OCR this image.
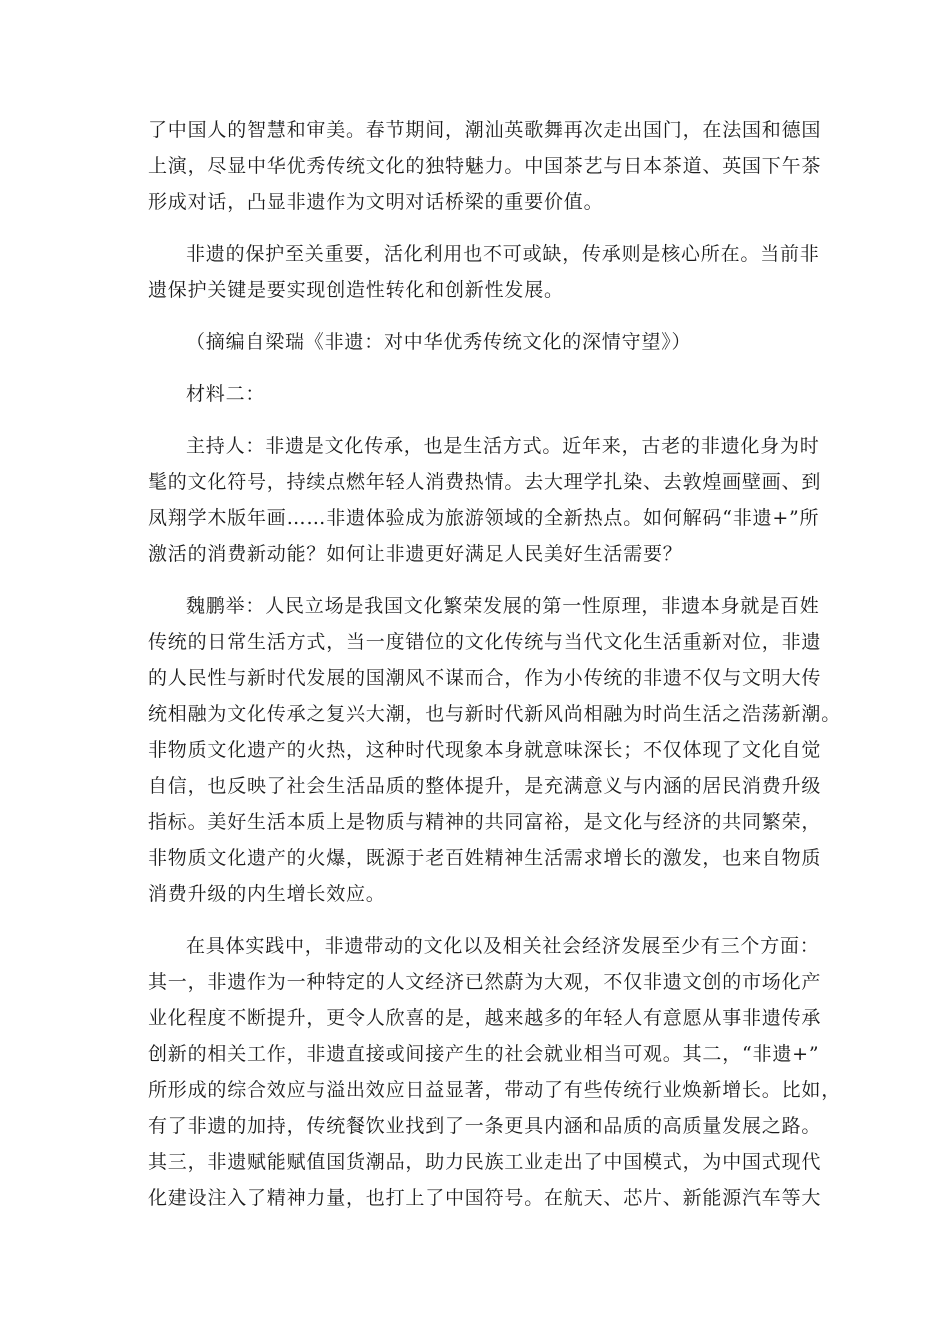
了中国人的智慧和审美。春节期间，潮汕英歌舞再次走出国门，在法国和德国
上演，尽显中华优秀传统文化的独特魅力。中国茶艺与日本茶道、英国下午茶
形成对话，凸显非遗作为文明对话桥梁的重要价值。
非遗的保护至关重要，活化利用也不可或缺，传承则是核心所在。当前非
遗保护关键是要实现创造性转化和创新性发展。
（摘编自梁瑞《非遗：对中华优秀传统文化的深情守望》）
材料二：
主持人：非遗是文化传承，也是生活方式。近年来，古老的非遗化身为时
髦的文化符号，持续点燃年轻人消费热情。去大理学扎染、去敦煌画壁画、到
凤翔学木版年画……非遗体验成为旅游领域的全新热点。如何解码“非遗+”所
激活的消费新动能？如何让非遗更好满足人民美好生活需要？
魏鹏举：人民立场是我国文化繁荣发展的第一性原理，非遗本身就是百姓
传统的日常生活方式，当一度错位的文化传统与当代文化生活重新对位，非遗
的人民性与新时代发展的国潮风不谋而合，作为小传统的非遗不仅与文明大传
统相融为文化传承之复兴大潮，也与新时代新风尚相融为时尚生活之浩荡新潮。
非物质文化遗产的火热，这种时代现象本身就意味深长；不仅体现了文化自觉
自信，也反映了社会生活品质的整体提升，是充满意义与内涵的居民消费升级
指标。美好生活本质上是物质与精神的共同富裕，是文化与经济的共同繁荣，
非物质文化遗产的火爆，既源于老百姓精神生活需求增长的激发，也来自物质
消费升级的内生增长效应。
在具体实践中，非遗带动的文化以及相关社会经济发展至少有三个方面：
其一，非遗作为一种特定的人文经济已然蔚为大观，不仅非遗文创的市场化产
业化程度不断提升，更令人欣喜的是，越来越多的年轻人有意愿从事非遗传承
创新的相关工作，非遗直接或间接产生的社会就业相当可观。其二，“非遗+”
所形成的综合效应与溢出效应日益显著，带动了有些传统行业焕新增长。比如，
有了非遗的加持，传统餐饮业找到了一条更具内涵和品质的高质量发展之路。
其三，非遗赋能赋值国货潮品，助力民族工业走出了中国模式，为中国式现代
化建设注入了精神力量，也打上了中国符号。在航天、芯片、新能源汽车等大
